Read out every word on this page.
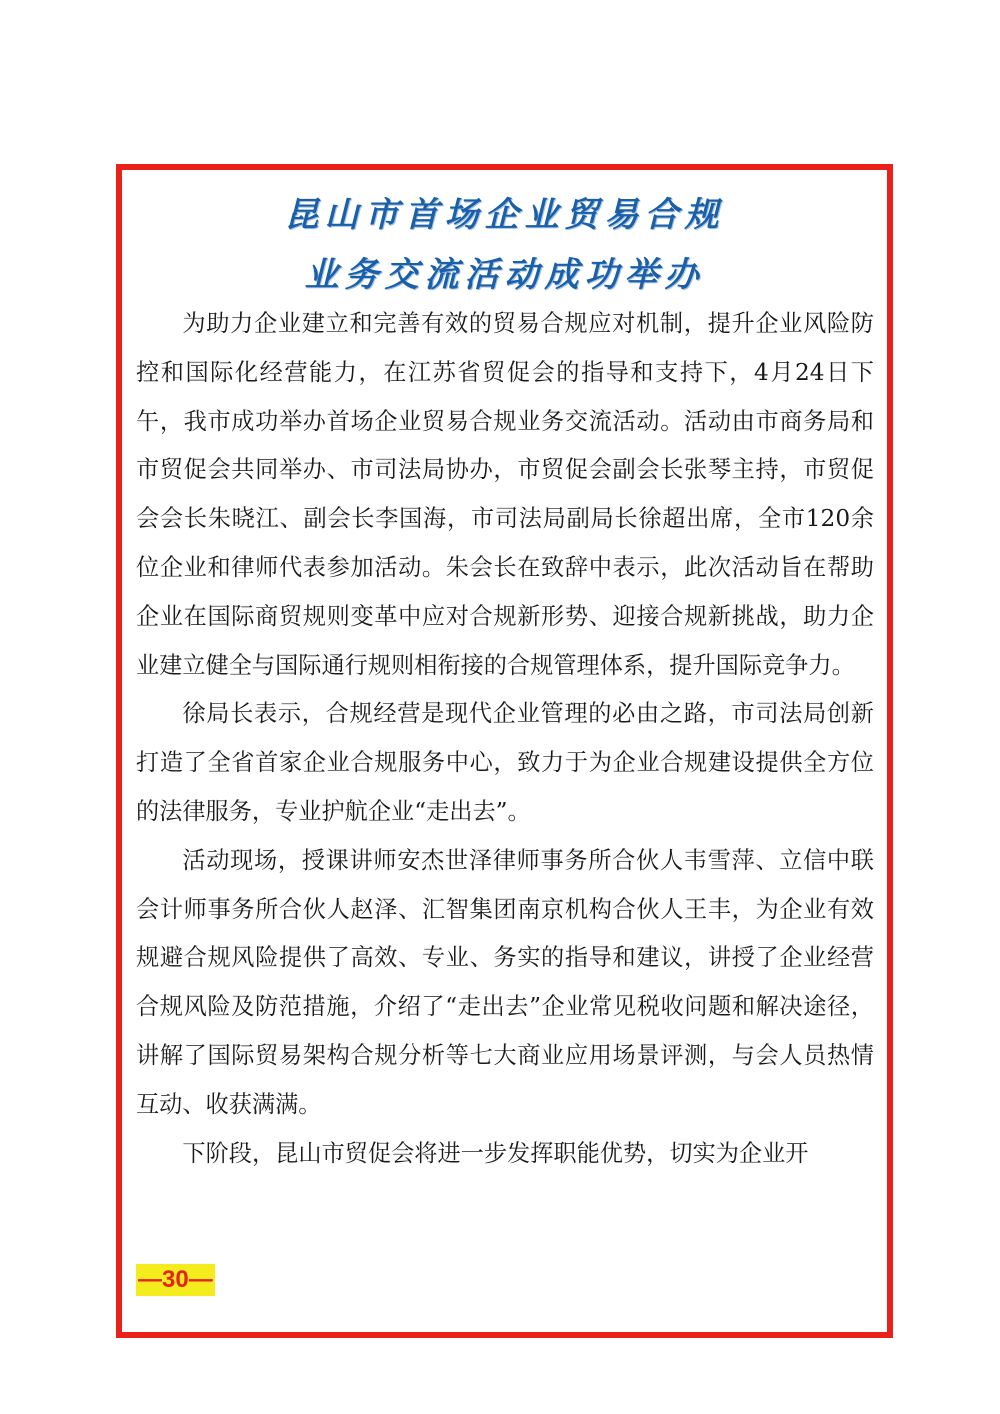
昆山市首场企业贸易合规
业务交流活动成功举办

为助力企业建立和完善有效的贸易合规应对机制，提升企业风险防控和国际化经营能力，在江苏省贸促会的指导和支持下，4月24日下午，我市成功举办首场企业贸易合规业务交流活动。活动由市商务局和市贸促会共同举办、市司法局协办，市贸促会副会长张琴主持，市贸促会会长朱晓江、副会长李国海，市司法局副局长徐超出席，全市120余位企业和律师代表参加活动。朱会长在致辞中表示，此次活动旨在帮助企业在国际商贸规则变革中应对合规新形势、迎接合规新挑战，助力企业建立健全与国际通行规则相衔接的合规管理体系，提升国际竞争力。

徐局长表示，合规经营是现代企业管理的必由之路，市司法局创新打造了全省首家企业合规服务中心，致力于为企业合规建设提供全方位的法律服务，专业护航企业“走出去”。

活动现场，授课讲师安杰世泽律师事务所合伙人韦雪萍、立信中联会计师事务所合伙人赵泽、汇智集团南京机构合伙人王丰，为企业有效规避合规风险提供了高效、专业、务实的指导和建议，讲授了企业经营合规风险及防范措施，介绍了“走出去”企业常见税收问题和解决途径，讲解了国际贸易架构合规分析等七大商业应用场景评测，与会人员热情互动、收获满满。

下阶段，昆山市贸促会将进一步发挥职能优势，切实为企业开

—30—
